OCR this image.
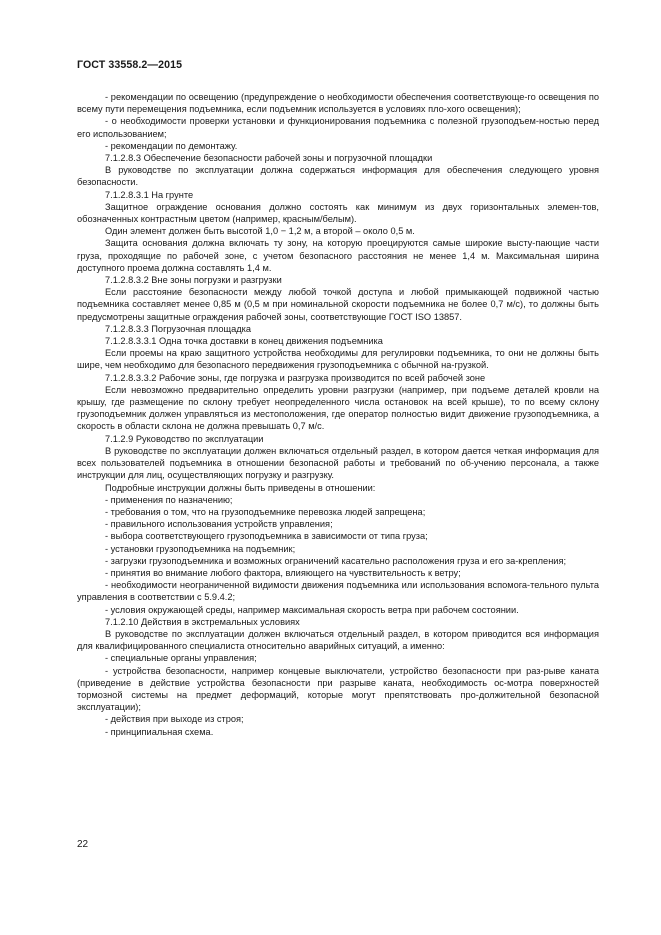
ГОСТ 33558.2—2015

- рекомендации по освещению (предупреждение о необходимости обеспечения соответствующе-го освещения по всему пути перемещения подъемника, если подъемник используется в условиях пло-хого освещения);

- о необходимости проверки установки и функционирования подъемника с полезной грузоподъем-ностью перед его использованием;

- рекомендации по демонтажу.

7.1.2.8.3 Обеспечение безопасности рабочей зоны и погрузочной площадки

В руководстве по эксплуатации должна содержаться информация для обеспечения следующего уровня безопасности.

7.1.2.8.3.1 На грунте

Защитное ограждение основания должно состоять как минимум из двух горизонтальных элемен-тов, обозначенных контрастным цветом (например, красным/белым).

Один элемент должен быть высотой 1,0 − 1,2 м, а второй – около 0,5 м.

Защита основания должна включать ту зону, на которую проецируются самые широкие высту-пающие части груза, проходящие по рабочей зоне, с учетом безопасного расстояния не менее 1,4 м. Максимальная ширина доступного проема должна составлять 1,4 м.

7.1.2.8.3.2 Вне зоны погрузки и разгрузки

Если расстояние безопасности между любой точкой доступа и любой примыкающей подвижной частью подъемника составляет менее 0,85 м (0,5 м при номинальной скорости подъемника не более 0,7 м/с), то должны быть предусмотрены защитные ограждения рабочей зоны, соответствующие ГОСТ ISO 13857.

7.1.2.8.3.3 Погрузочная площадка

7.1.2.8.3.3.1 Одна точка доставки в конец движения подъемника

Если проемы на краю защитного устройства необходимы для регулировки подъемника, то они не должны быть шире, чем необходимо для безопасного передвижения грузоподъемника с обычной на-грузкой.

7.1.2.8.3.3.2 Рабочие зоны, где погрузка и разгрузка производится по всей рабочей зоне

Если невозможно предварительно определить уровни разгрузки (например, при подъеме деталей кровли на крышу, где размещение по склону требует неопределенного числа остановок на всей крыше), то по всему склону грузоподъемник должен управляться из местоположения, где оператор полностью видит движение грузоподъемника, а скорость в области склона не должна превышать 0,7 м/с.

7.1.2.9 Руководство по эксплуатации

В руководстве по эксплуатации должен включаться отдельный раздел, в котором дается четкая информация для всех пользователей подъемника в отношении безопасной работы и требований по об-учению персонала, а также инструкции для лиц, осуществляющих погрузку и разгрузку.

Подробные инструкции должны быть приведены в отношении:

- применения по назначению;

- требования о том, что на грузоподъемнике перевозка людей запрещена;

- правильного использования устройств управления;

- выбора соответствующего грузоподъемника в зависимости от типа груза;

- установки грузоподъемника на подъемник;

- загрузки грузоподъемника и возможных ограничений касательно расположения груза и его за-крепления;

- принятия во внимание любого фактора, влияющего на чувствительность к ветру;

- необходимости неограниченной видимости движения подъемника или использования вспомога-тельного пульта управления в соответствии с 5.9.4.2;

- условия окружающей среды, например максимальная скорость ветра при рабочем состоянии.

7.1.2.10 Действия в экстремальных условиях

В руководстве по эксплуатации должен включаться отдельный раздел, в котором приводится вся информация для квалифицированного специалиста относительно аварийных ситуаций, а именно:

- специальные органы управления;

- устройства безопасности, например концевые выключатели, устройство безопасности при раз-рыве каната (приведение в действие устройства безопасности при разрыве каната, необходимость ос-мотра поверхностей тормозной системы на предмет деформаций, которые могут препятствовать про-должительной безопасной эксплуатации);

- действия при выходе из строя;

- принципиальная схема.

22
